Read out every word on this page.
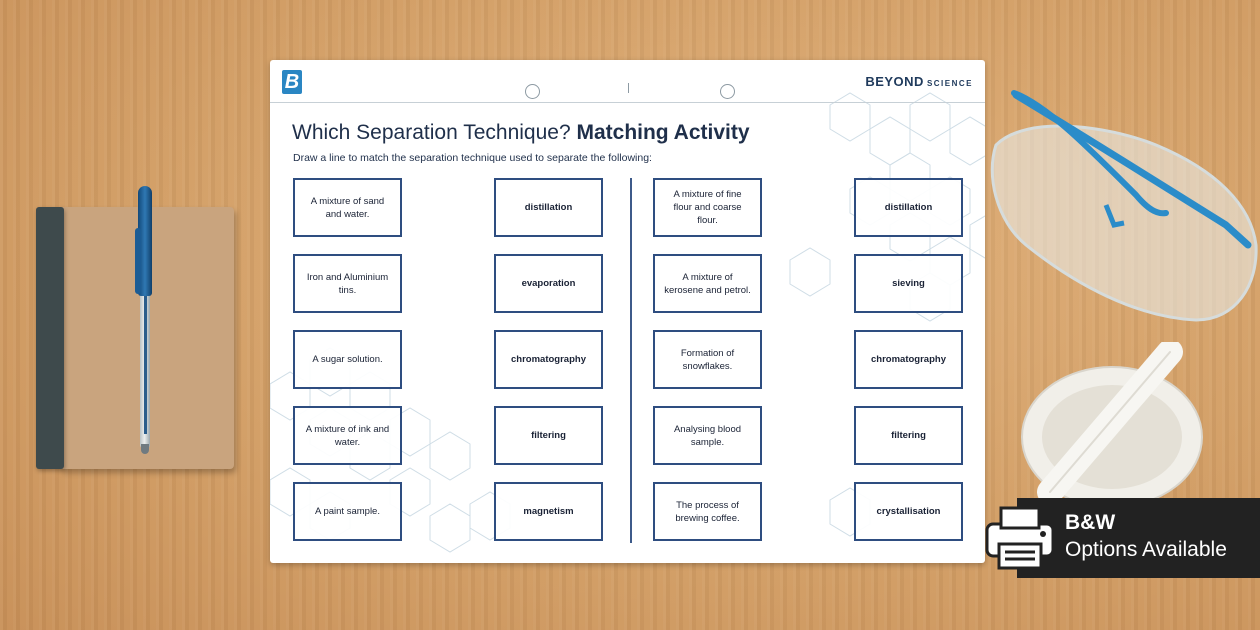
B	BEYOND SCIENCE
Which Separation Technique? Matching Activity
Draw a line to match the separation technique used to separate the following:
A mixture of sand and water.
Iron and Aluminium tins.
A sugar solution.
A mixture of ink and water.
A paint sample.
distillation
evaporation
chromatography
filtering
magnetism
A mixture of fine flour and coarse flour.
A mixture of kerosene and petrol.
Formation of snowflakes.
Analysing blood sample.
The process of brewing coffee.
distillation
sieving
chromatography
filtering
crystallisation	B&W
Options Available
